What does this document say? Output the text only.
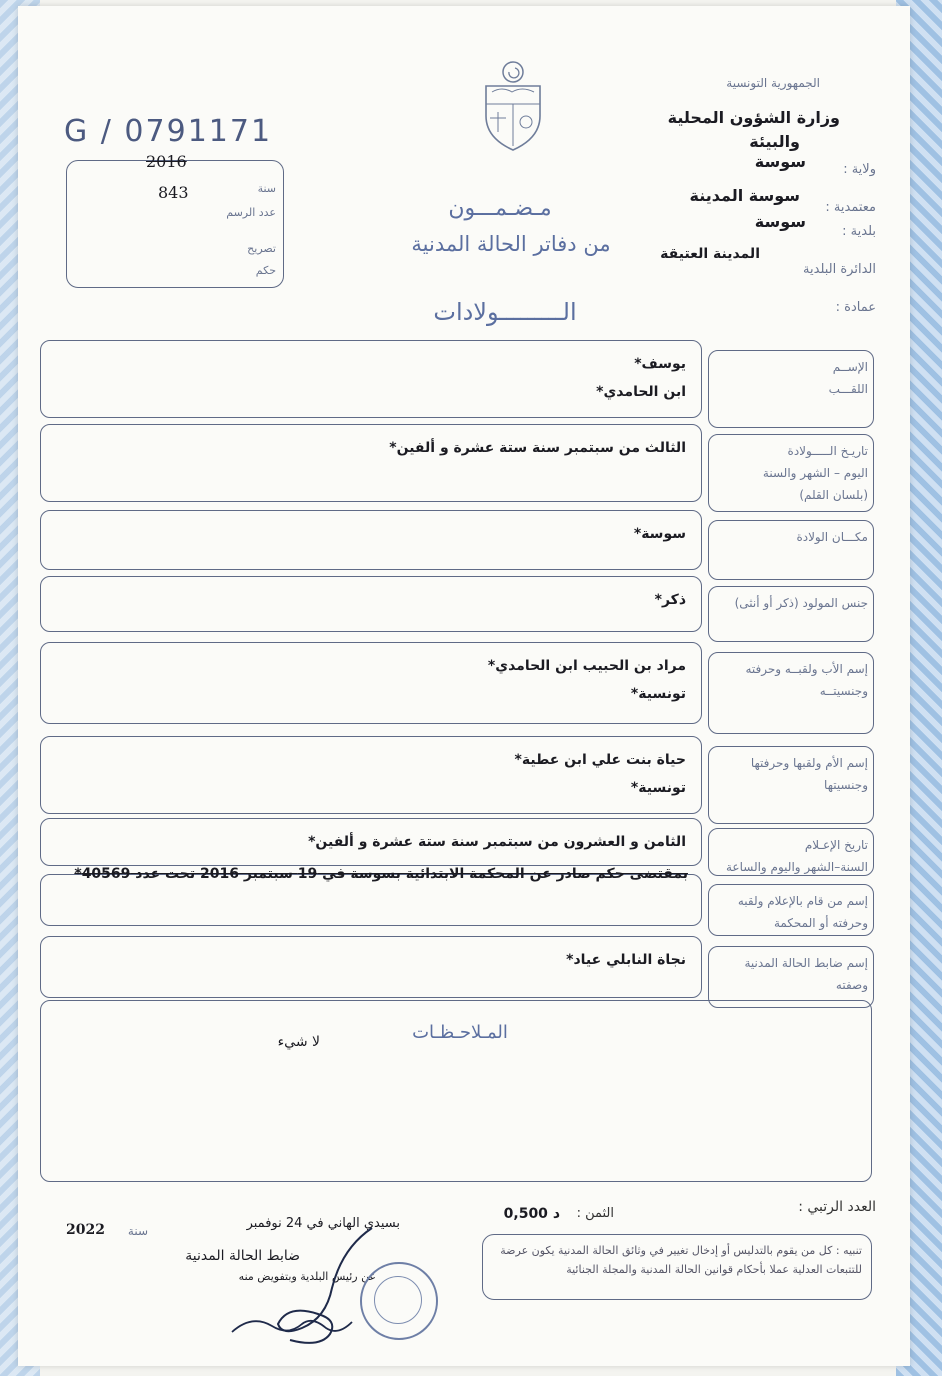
G / 0791171
2016
843	سنة
عدد الرسم
تصريح
حكم
الجمهورية التونسية
وزارة الشؤون المحلية
والبيئة
سوسة	ولاية :
سوسة المدينة
معتمدية :
سوسة
بلدية :
المدينة العتيقة
الدائرة البلدية
عمادة :
مـضـمـــون
من دفاتر الحالة المدنية
الـــــــــولادات
الإســم
اللقـــب
يوسف*
ابن الحامدي*
تاريـخ الـــــولادة
اليوم – الشهر والسنة
(بلسان القلم)
الثالث من سبتمبر سنة ستة عشرة و ألفين*
مكـــان الولادة
سوسة*
جنس المولود (ذكر أو أنثى)
ذكر*
إسم الأب ولقبــه وحرفته
وجنسيتــه
مراد بن الحبيب ابن الحامدي*
تونسية*
إسم الأم ولقبها وحرفتها
وجنسيتها
حياة بنت علي ابن عطية*
تونسية*
تاريخ الإعـلام
السنة–الشهر واليوم والساعة
الثامن و العشرون من سبتمبر سنة ستة عشرة و ألفين*
إسم من قام بالإعلام ولقبه
وحرفته أو المحكمة
بمقتضى حكم صادر عن المحكمة الابتدائية بسوسة في 19 سبتمبر 2016 تحت عدد 40569*
إسم ضابط الحالة المدنية
وصفته
نجاة النابلي عياد*
المـلاحـظـات
لا شيء
العدد الرتبي :
الثمن :
0,500 د
بسيدي الهاني في 24 نوفمبر
سنة
2022
ضابط الحالة المدنية
عن رئيس البلدية وبتفويض منه
تنبيه : كل من يقوم بالتدليس أو إدخال تغيير في وثائق الحالة المدنية يكون عرضة للتتبعات العدلية عملا بأحكام قوانين الحالة المدنية والمجلة الجنائية
